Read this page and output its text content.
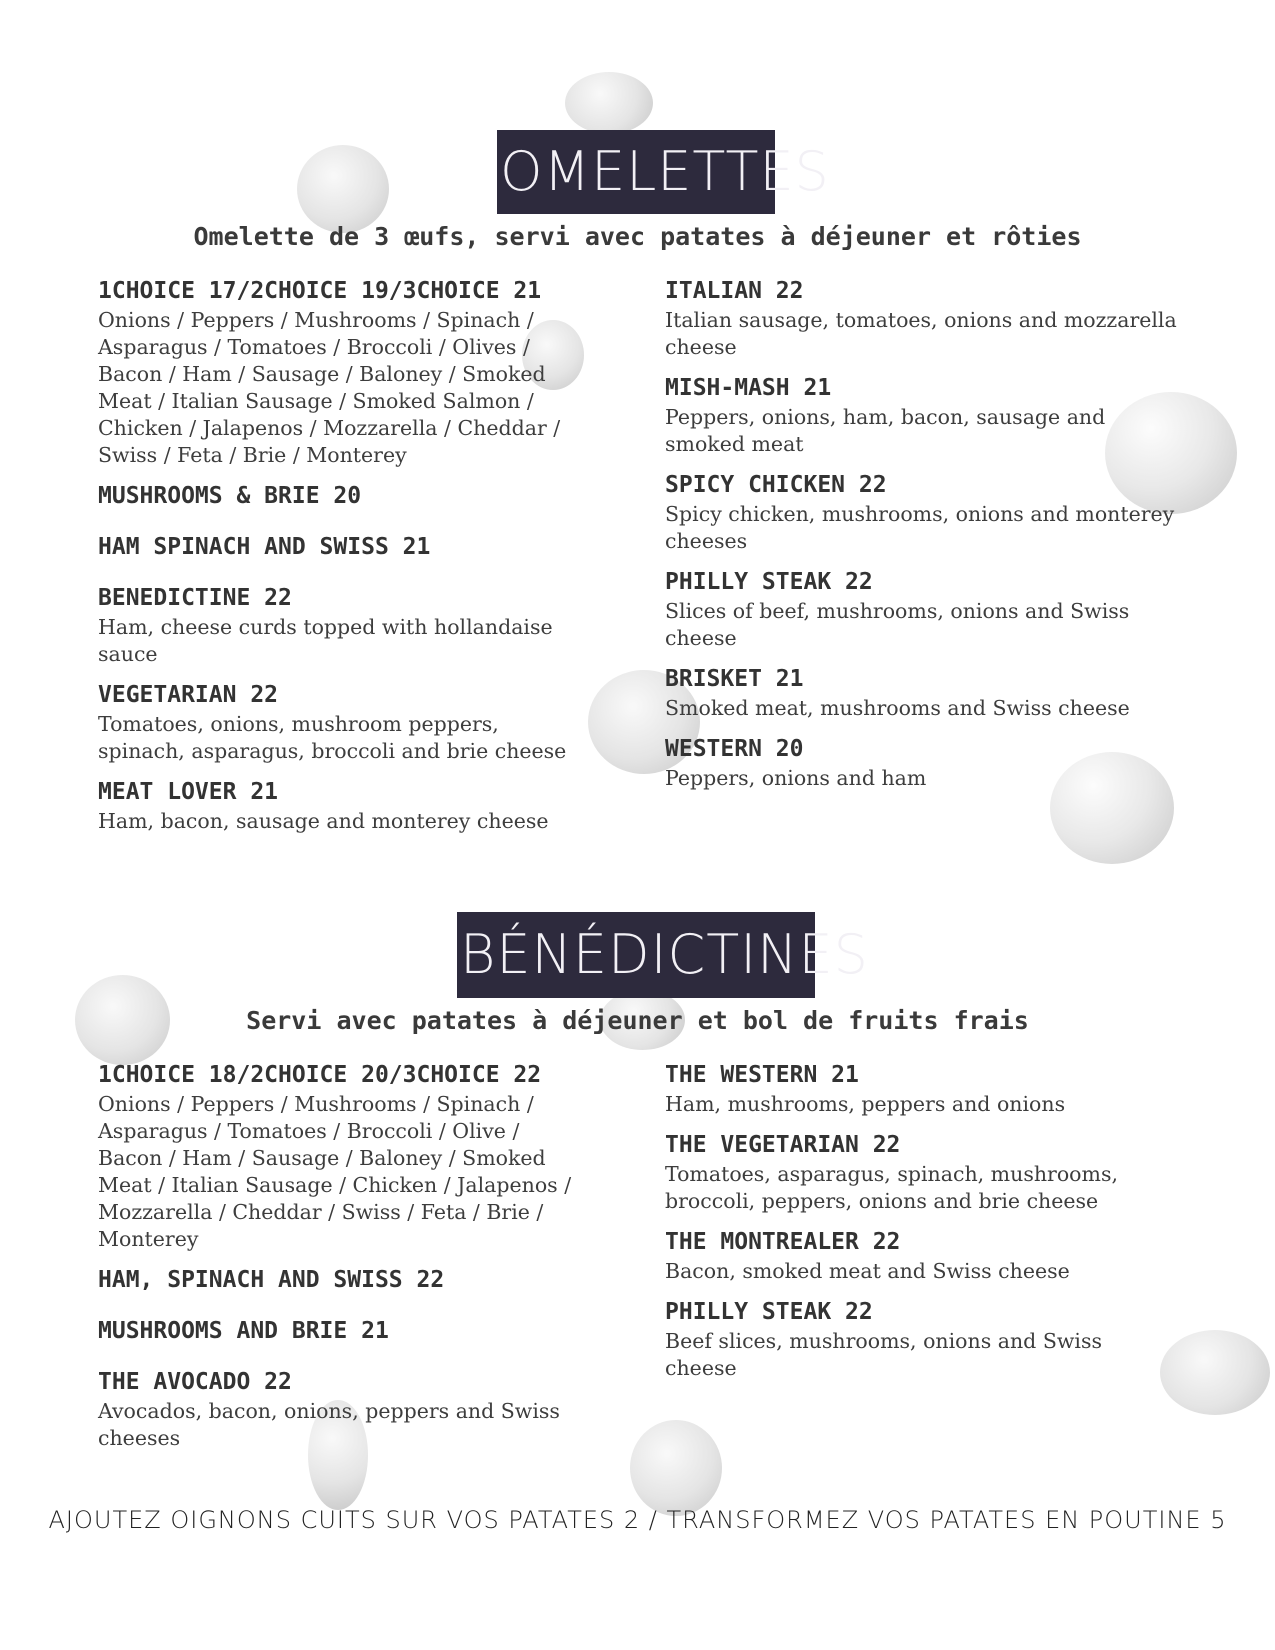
OMELETTES
Omelette de 3 œufs, servi avec patates à déjeuner et rôties
1CHOICE 17/2CHOICE 19/3CHOICE 21
Onions / Peppers / Mushrooms / Spinach / Asparagus / Tomatoes / Broccoli / Olives / Bacon / Ham / Sausage / Baloney / Smoked Meat / Italian Sausage / Smoked Salmon / Chicken / Jalapenos / Mozzarella / Cheddar / Swiss / Feta / Brie / Monterey
MUSHROOMS & BRIE 20
HAM SPINACH AND SWISS 21
BENEDICTINE 22
Ham, cheese curds topped with hollandaise sauce
VEGETARIAN 22
Tomatoes, onions, mushroom peppers, spinach, asparagus, broccoli and brie cheese
MEAT LOVER 21
Ham, bacon, sausage and monterey cheese
ITALIAN 22
Italian sausage, tomatoes, onions and mozzarella cheese
MISH-MASH 21
Peppers, onions, ham, bacon, sausage and smoked meat
SPICY CHICKEN 22
Spicy chicken, mushrooms, onions and monterey cheeses
PHILLY STEAK 22
Slices of beef, mushrooms, onions and Swiss cheese
BRISKET 21
Smoked meat, mushrooms and Swiss cheese
WESTERN 20
Peppers, onions and ham
BÉNÉDICTINES
Servi avec patates à déjeuner et bol de fruits frais
1CHOICE 18/2CHOICE 20/3CHOICE 22
Onions / Peppers / Mushrooms / Spinach / Asparagus / Tomatoes / Broccoli / Olive / Bacon / Ham / Sausage / Baloney / Smoked Meat / Italian Sausage / Chicken / Jalapenos / Mozzarella / Cheddar / Swiss / Feta / Brie / Monterey
HAM, SPINACH AND SWISS 22
MUSHROOMS AND BRIE 21
THE AVOCADO 22
Avocados, bacon, onions, peppers and Swiss cheeses
THE WESTERN 21
Ham, mushrooms, peppers and onions
THE VEGETARIAN 22
Tomatoes, asparagus, spinach, mushrooms, broccoli, peppers, onions and brie cheese
THE MONTREALER 22
Bacon, smoked meat and Swiss cheese
PHILLY STEAK 22
Beef slices, mushrooms, onions and Swiss cheese
AJOUTEZ OIGNONS CUITS SUR VOS PATATES 2 / TRANSFORMEZ VOS PATATES EN POUTINE 5
